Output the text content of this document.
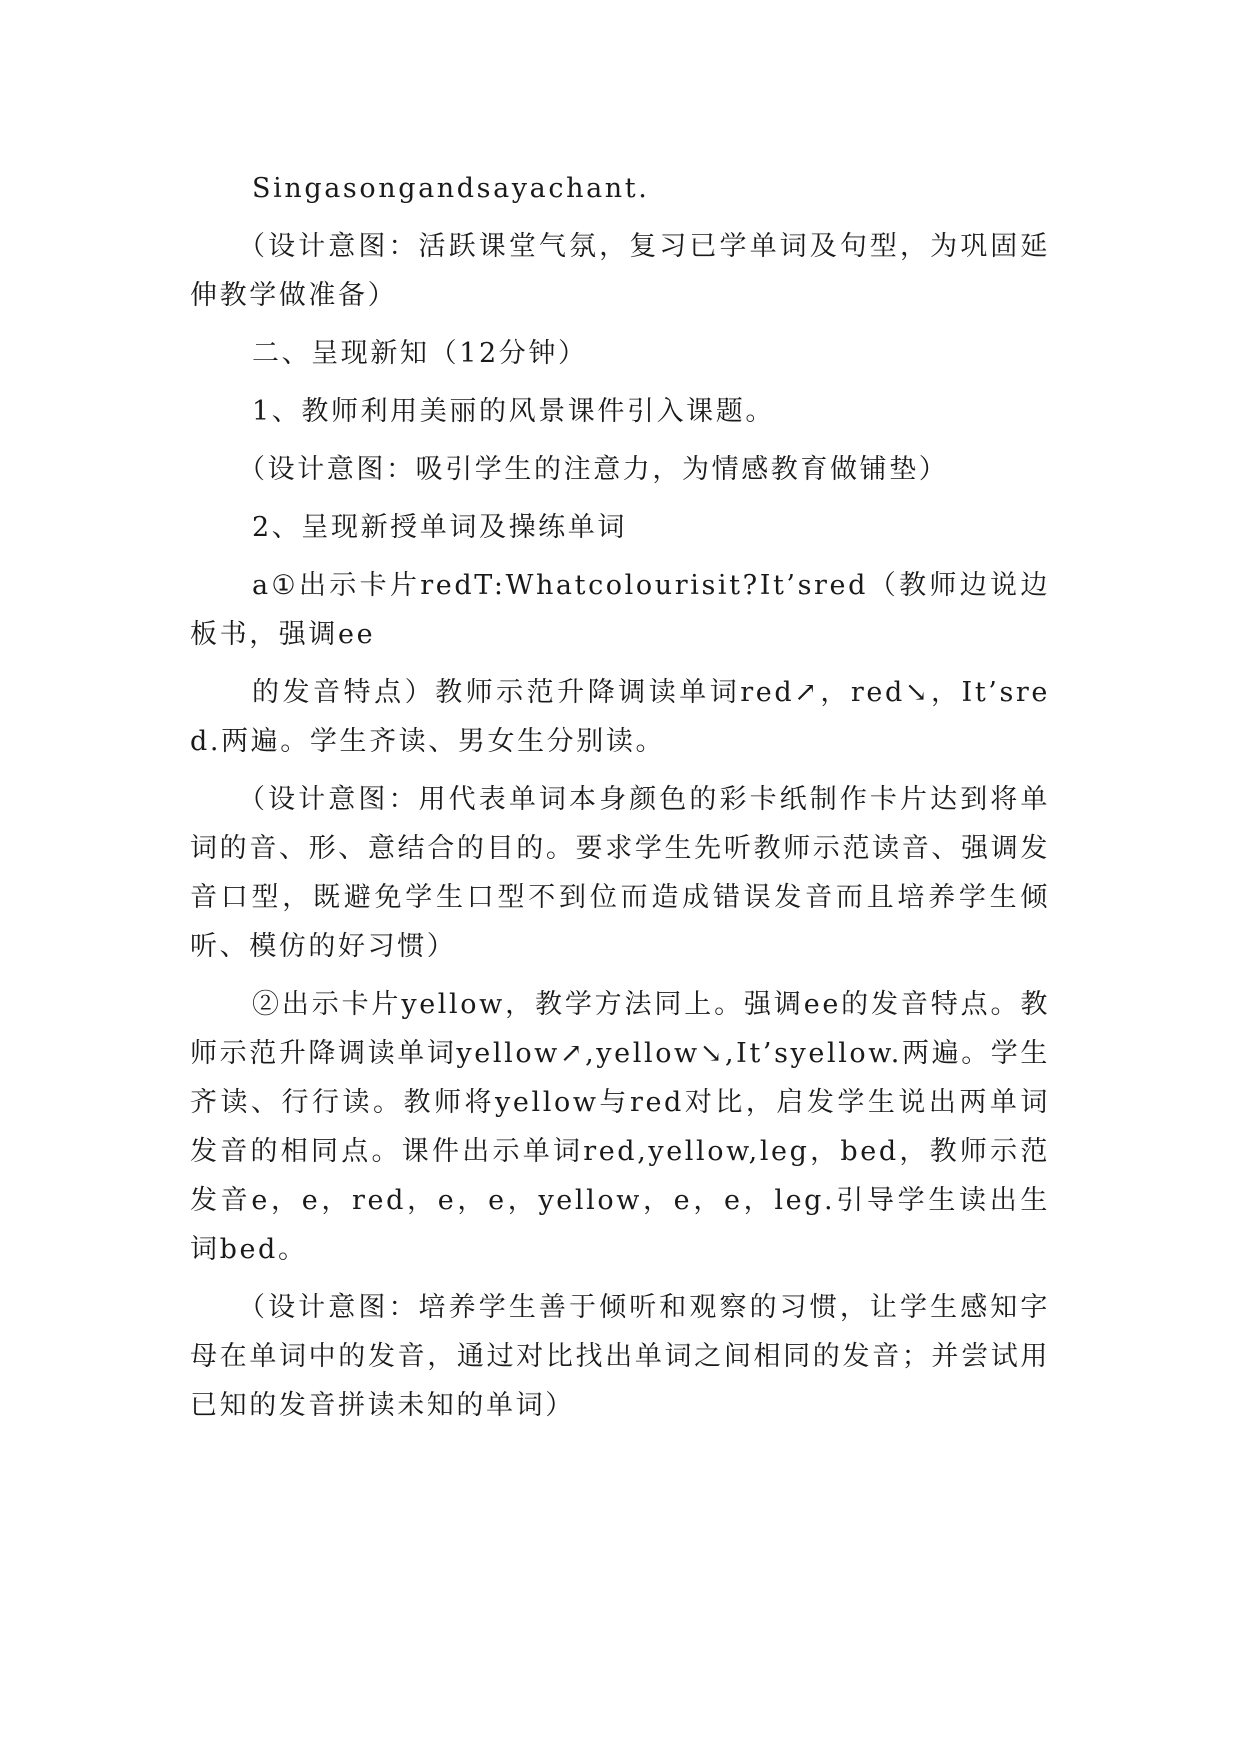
Singasongandsayachant.

（设计意图：活跃课堂气氛，复习已学单词及句型，为巩固延伸教学做准备）

二、呈现新知（12分钟）

1、教师利用美丽的风景课件引入课题。

（设计意图：吸引学生的注意力，为情感教育做铺垫）

2、呈现新授单词及操练单词

a①出示卡片redT:Whatcolourisit?It’sred（教师边说边板书，强调ee

的发音特点）教师示范升降调读单词red↗，red↘，It’sred.两遍。学生齐读、男女生分别读。

（设计意图：用代表单词本身颜色的彩卡纸制作卡片达到将单词的音、形、意结合的目的。要求学生先听教师示范读音、强调发音口型，既避免学生口型不到位而造成错误发音而且培养学生倾听、模仿的好习惯）

②出示卡片yellow，教学方法同上。强调ee的发音特点。教师示范升降调读单词yellow↗,yellow↘,It’syellow.两遍。学生齐读、行行读。教师将yellow与red对比，启发学生说出两单词发音的相同点。课件出示单词red,yellow,leg，bed，教师示范发音e，e，red，e，e，yellow，e，e，leg.引导学生读出生词bed。

（设计意图：培养学生善于倾听和观察的习惯，让学生感知字母在单词中的发音，通过对比找出单词之间相同的发音；并尝试用已知的发音拼读未知的单词）
